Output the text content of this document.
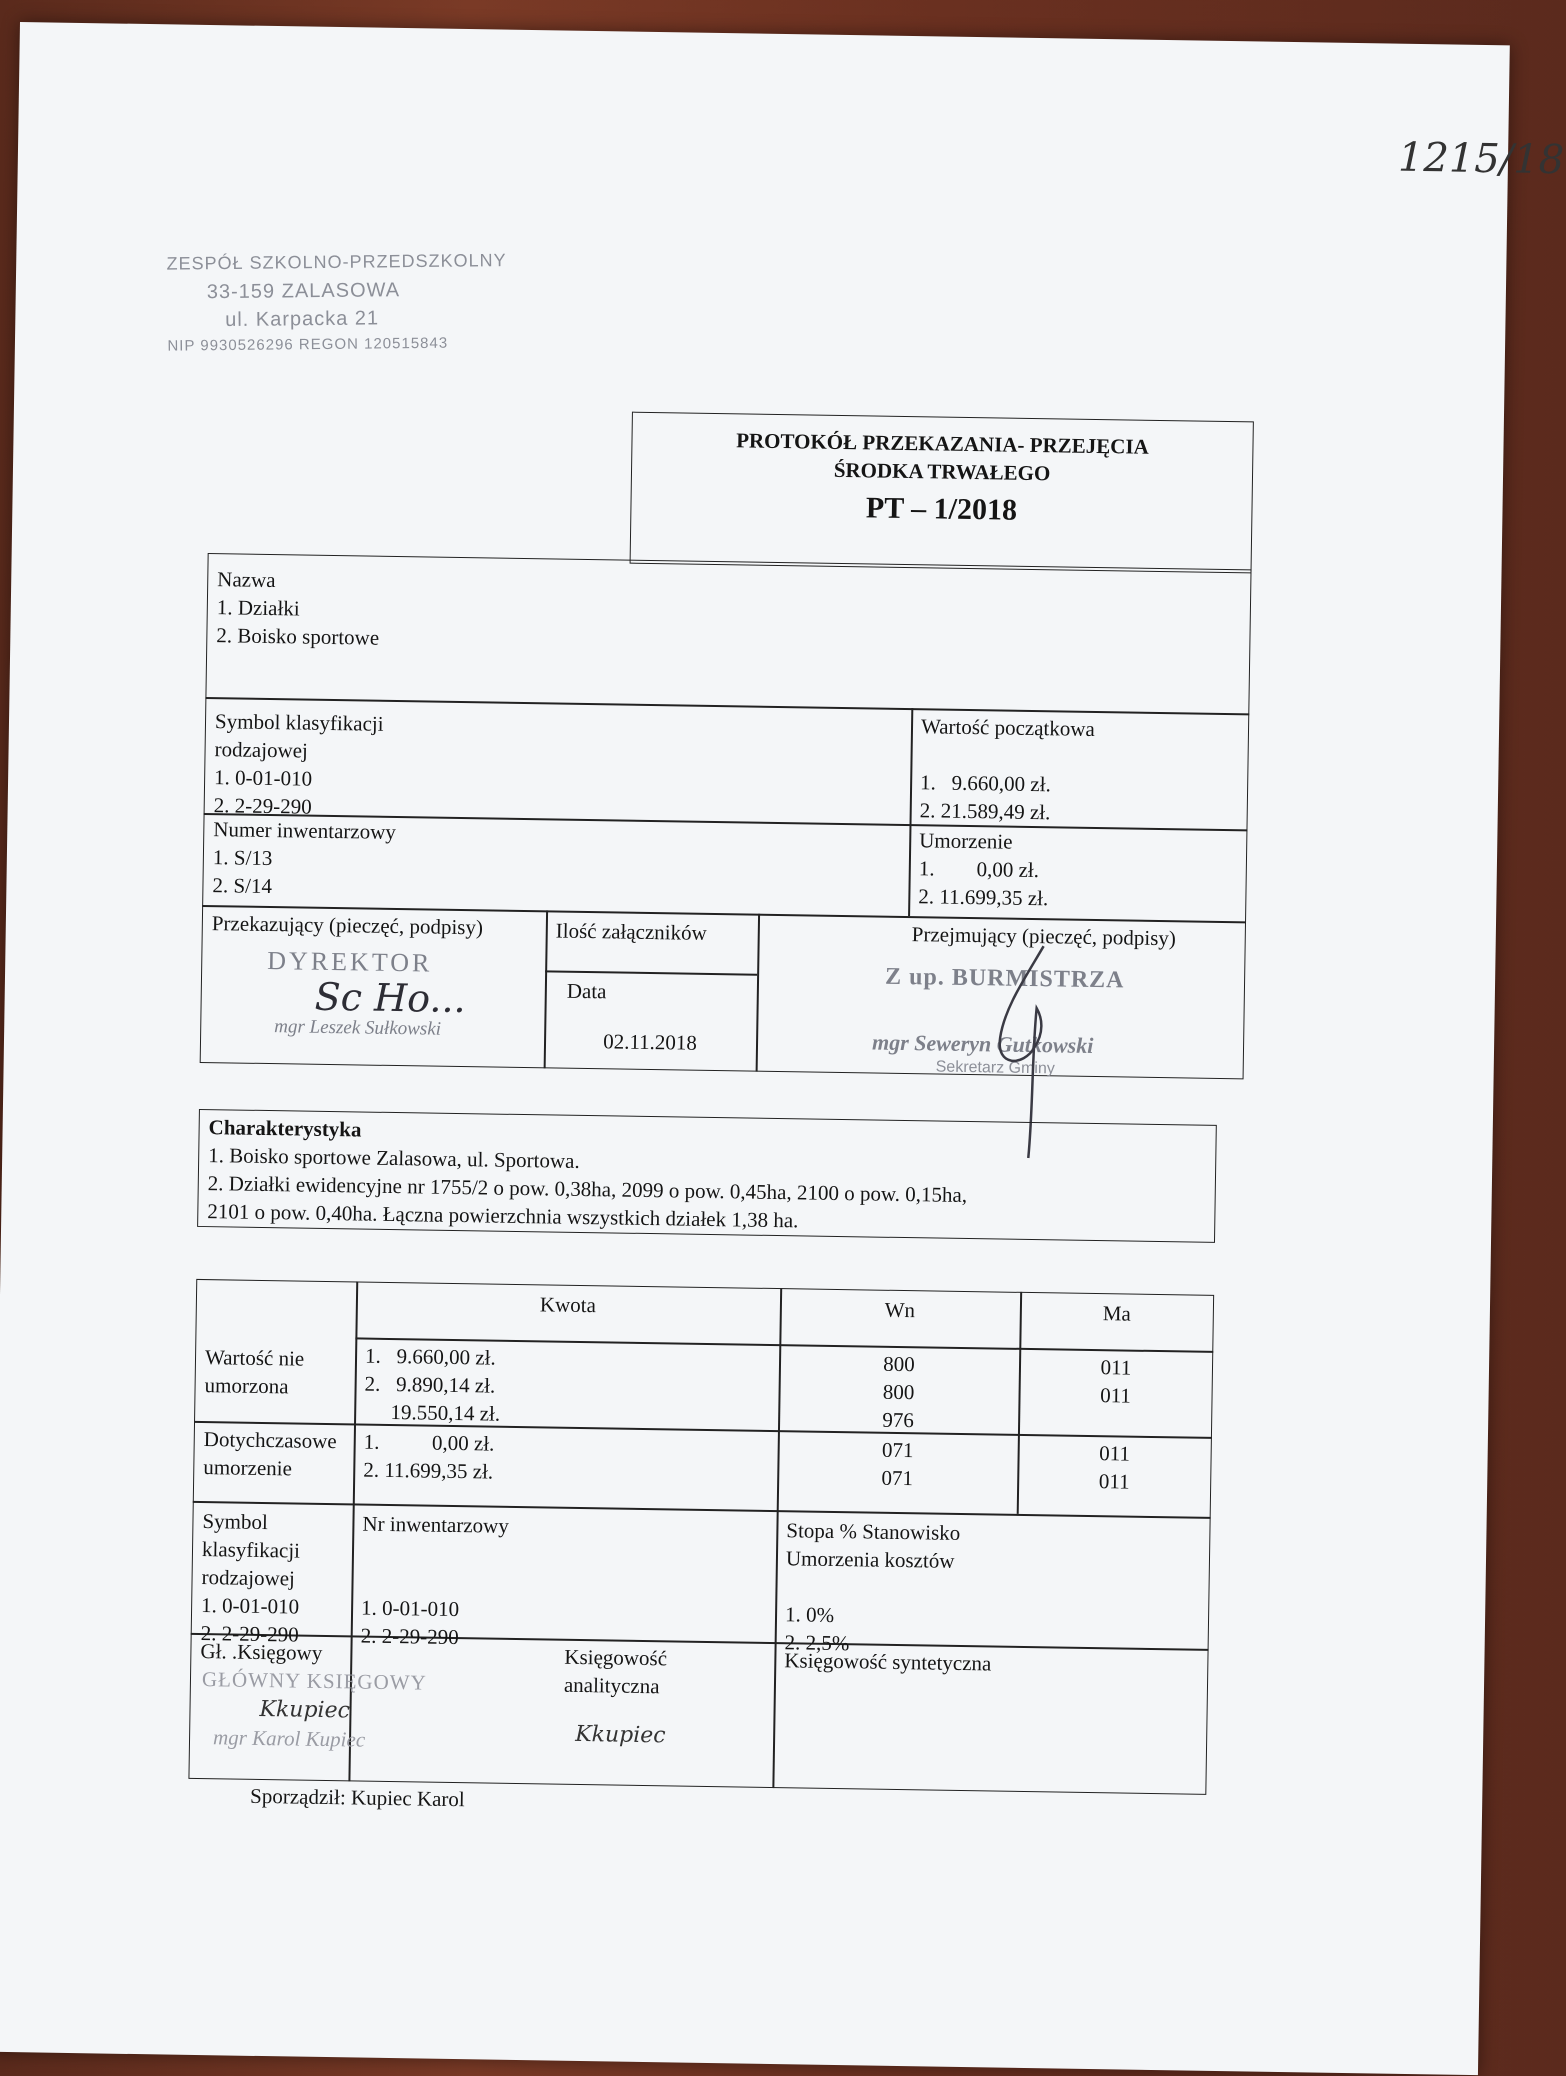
1215/18
ZESPÓŁ SZKOLNO-PRZEDSZKOLNY
33-159 ZALASOWA
ul. Karpacka 21
NIP 9930526296 REGON 120515843
PROTOKÓŁ PRZEKAZANIA- PRZEJĘCIA
ŚRODKA TRWAŁEGO
PT – 1/2018
Nazwa
1. Działki
2. Boisko sportowe
Symbol klasyfikacji
rodzajowej
1. 0-01-010
2. 2-29-290
Wartość początkowa
1.   9.660,00 zł.
2. 21.589,49 zł.
Numer inwentarzowy
1. S/13
2. S/14
Umorzenie
1.        0,00 zł.
2. 11.699,35 zł.
Przekazujący (pieczęć, podpisy)
DYREKTOR
Sc Ho...
mgr Leszek Sułkowski
Ilość załączników
Data
02.11.2018
Przejmujący (pieczęć, podpisy)
Z up. BURMISTRZA
mgr Seweryn Gutkowski
Sekretarz Gminy
Charakterystyka
1. Boisko sportowe Zalasowa, ul. Sportowa.
2. Działki ewidencyjne nr 1755/2 o pow. 0,38ha, 2099 o pow. 0,45ha, 2100 o pow. 0,15ha,
2101 o pow. 0,40ha. Łączna powierzchnia wszystkich działek 1,38 ha.
Kwota	Wn	Ma
Wartość nie
umorzona
1.   9.660,00 zł.
2.   9.890,14 zł.
19.550,14 zł.
800
800
976
011
011
Dotychczasowe
umorzenie
1.          0,00 zł.
2. 11.699,35 zł.
071
071
011
011
Symbol
klasyfikacji
rodzajowej
1. 0-01-010
2. 2-29-290
Nr inwentarzowy
1. 0-01-010
2. 2-29-290
Stopa % Stanowisko
Umorzenia kosztów
1. 0%
2. 2,5%
Gł. .Księgowy
GŁÓWNY KSIĘGOWY
Kkupiec
mgr Karol Kupiec
Księgowość
analityczna
Kkupiec
Księgowość syntetyczna
Sporządził: Kupiec Karol
